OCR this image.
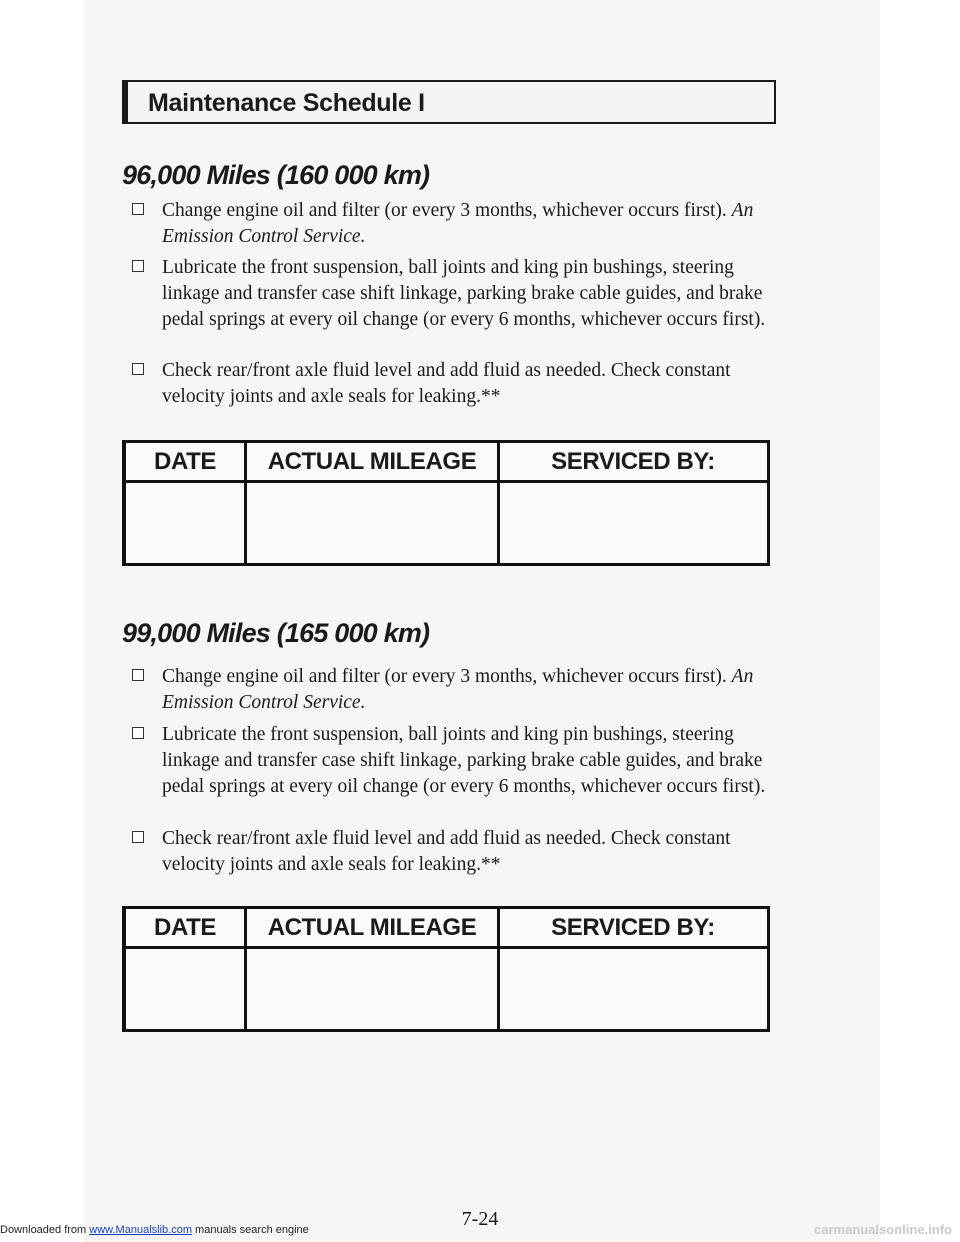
Maintenance Schedule I
96,000 Miles (160 000 km)
Change engine oil and filter (or every 3 months, whichever occurs first). An Emission Control Service.
Lubricate the front suspension, ball joints and king pin bushings, steering linkage and transfer case shift linkage, parking brake cable guides, and brake pedal springs at every oil change (or every 6 months, whichever occurs first).
Check rear/front axle fluid level and add fluid as needed. Check constant velocity joints and axle seals for leaking.**
DATE	ACTUAL MILEAGE	SERVICED BY:
99,000 Miles (165 000 km)
Change engine oil and filter (or every 3 months, whichever occurs first). An Emission Control Service.
Lubricate the front suspension, ball joints and king pin bushings, steering linkage and transfer case shift linkage, parking brake cable guides, and brake pedal springs at every oil change (or every 6 months, whichever occurs first).
Check rear/front axle fluid level and add fluid as needed. Check constant velocity joints and axle seals for leaking.**
DATE	ACTUAL MILEAGE	SERVICED BY:
7-24
Downloaded from www.Manualslib.com manuals search engine	carmanualsonline.info
